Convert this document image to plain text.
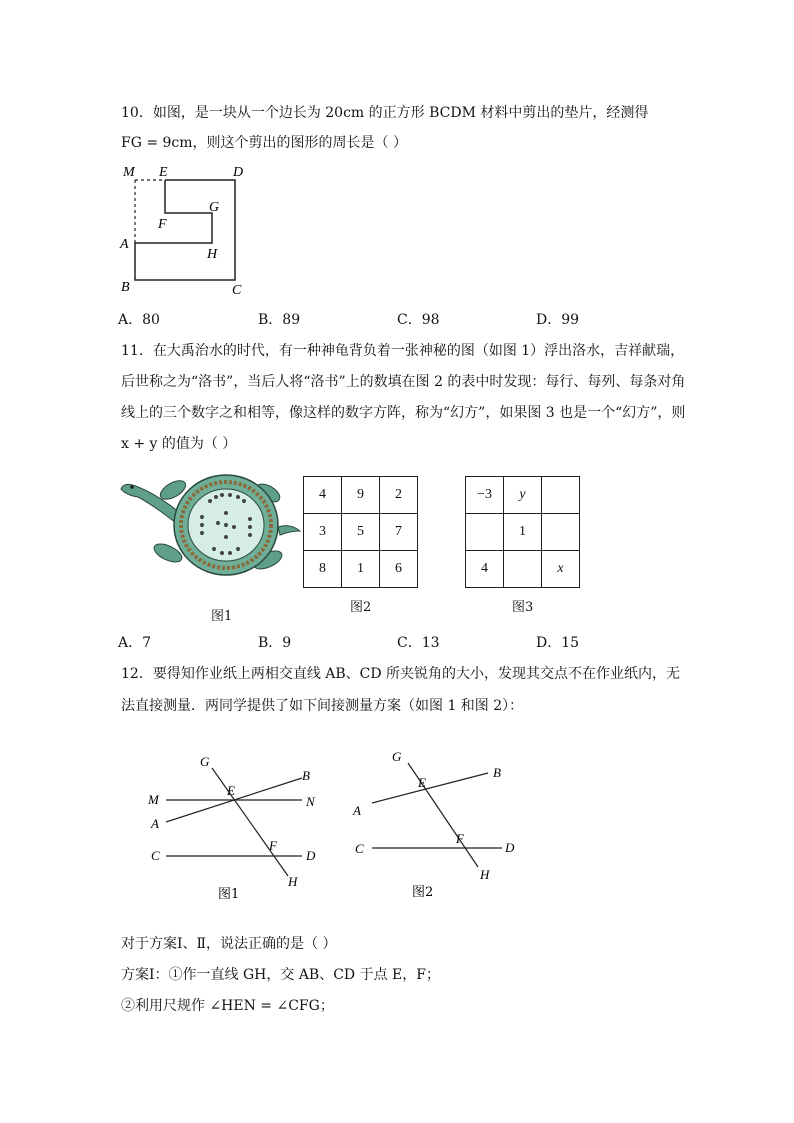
10．如图，是一块从一个边长为 20cm 的正方形 BCDM 材料中剪出的垫片，经测得
FG = 9cm，则这个剪出的图形的周长是（ ）
M E	D
G
F
A
H
B	C
A．80	B．89	C．98	D．99
11．在大禹治水的时代，有一种神龟背负着一张神秘的图（如图 1）浮出洛水，吉祥献瑞，
后世称之为“洛书”，当后人将“洛书”上的数填在图 2 的表中时发现：每行、每列、每条对角
线上的三个数字之和相等，像这样的数字方阵，称为“幻方”，如果图 3 也是一个“幻方”，则
x + y 的值为（ ）
图1
4	9	2
3	5	7
8	1	6
图2
−3	y	
	1	
4		x
图3
A．7	B．9	C．13	D．15
12．要得知作业纸上两相交直线 AB、CD 所夹锐角的大小，发现其交点不在作业纸内，无
法直接测量．两同学提供了如下间接测量方案（如图 1 和图 2）：
G
B
M
E
N
A
F
C	D
H
图1
G
E
B
A
F
C	D
H
图2
对于方案Ⅰ、Ⅱ，说法正确的是（ ）
方案Ⅰ：①作一直线 GH，交 AB、CD 于点 E，F；
②利用尺规作 ∠HEN = ∠CFG；
